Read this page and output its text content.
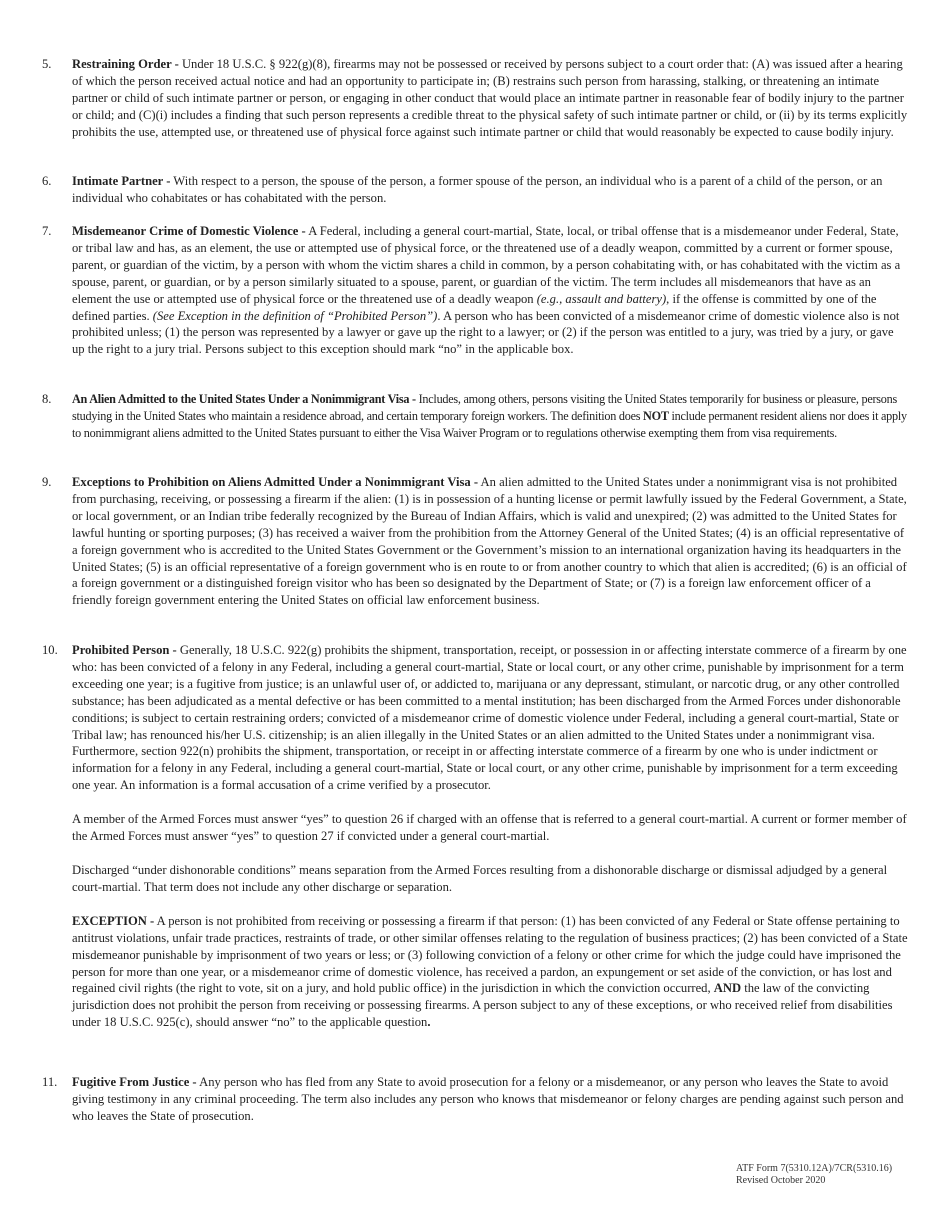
5. Restraining Order - Under 18 U.S.C. § 922(g)(8), firearms may not be possessed or received by persons subject to a court order that: (A) was issued after a hearing of which the person received actual notice and had an opportunity to participate in; (B) restrains such person from harassing, stalking, or threatening an intimate partner or child of such intimate partner or person, or engaging in other conduct that would place an intimate partner in reasonable fear of bodily injury to the partner or child; and (C)(i) includes a finding that such person represents a credible threat to the physical safety of such intimate partner or child, or (ii) by its terms explicitly prohibits the use, attempted use, or threatened use of physical force against such intimate partner or child that would reasonably be expected to cause bodily injury.

6. Intimate Partner - With respect to a person, the spouse of the person, a former spouse of the person, an individual who is a parent of a child of the person, or an individual who cohabitates or has cohabitated with the person.

7. Misdemeanor Crime of Domestic Violence - A Federal, including a general court-martial, State, local, or tribal offense that is a misdemeanor under Federal, State, or tribal law and has, as an element, the use or attempted use of physical force, or the threatened use of a deadly weapon, committed by a current or former spouse, parent, or guardian of the victim, by a person with whom the victim shares a child in common, by a person cohabitating with, or has cohabitated with the victim as a spouse, parent, or guardian, or by a person similarly situated to a spouse, parent, or guardian of the victim. The term includes all misdemeanors that have as an element the use or attempted use of physical force or the threatened use of a deadly weapon (e.g., assault and battery), if the offense is committed by one of the defined parties. (See Exception in the definition of “Prohibited Person”). A person who has been convicted of a misdemeanor crime of domestic violence also is not prohibited unless; (1) the person was represented by a lawyer or gave up the right to a lawyer; or (2) if the person was entitled to a jury, was tried by a jury, or gave up the right to a jury trial. Persons subject to this exception should mark “no” in the applicable box.

8. An Alien Admitted to the United States Under a Nonimmigrant Visa - Includes, among others, persons visiting the United States temporarily for business or pleasure, persons studying in the United States who maintain a residence abroad, and certain temporary foreign workers. The definition does NOT include permanent resident aliens nor does it apply to nonimmigrant aliens admitted to the United States pursuant to either the Visa Waiver Program or to regulations otherwise exempting them from visa requirements.

9. Exceptions to Prohibition on Aliens Admitted Under a Nonimmigrant Visa - An alien admitted to the United States under a nonimmigrant visa is not prohibited from purchasing, receiving, or possessing a firearm if the alien: (1) is in possession of a hunting license or permit lawfully issued by the Federal Government, a State, or local government, or an Indian tribe federally recognized by the Bureau of Indian Affairs, which is valid and unexpired; (2) was admitted to the United States for lawful hunting or sporting purposes; (3) has received a waiver from the prohibition from the Attorney General of the United States; (4) is an official representative of a foreign government who is accredited to the United States Government or the Government’s mission to an international organization having its headquarters in the United States; (5) is an official representative of a foreign government who is en route to or from another country to which that alien is accredited; (6) is an official of a foreign government or a distinguished foreign visitor who has been so designated by the Department of State; or (7) is a foreign law enforcement officer of a friendly foreign government entering the United States on official law enforcement business.

10. Prohibited Person - Generally, 18 U.S.C. 922(g) prohibits the shipment, transportation, receipt, or possession in or affecting interstate commerce of a firearm by one who: has been convicted of a felony in any Federal, including a general court-martial, State or local court, or any other crime, punishable by imprisonment for a term exceeding one year; is a fugitive from justice; is an unlawful user of, or addicted to, marijuana or any depressant, stimulant, or narcotic drug, or any other controlled substance; has been adjudicated as a mental defective or has been committed to a mental institution; has been discharged from the Armed Forces under dishonorable conditions; is subject to certain restraining orders; convicted of a misdemeanor crime of domestic violence under Federal, including a general court-martial, State or Tribal law; has renounced his/her U.S. citizenship; is an alien illegally in the United States or an alien admitted to the United States under a nonimmigrant visa. Furthermore, section 922(n) prohibits the shipment, transportation, or receipt in or affecting interstate commerce of a firearm by one who is under indictment or information for a felony in any Federal, including a general court-martial, State or local court, or any other crime, punishable by imprisonment for a term exceeding one year. An information is a formal accusation of a crime verified by a prosecutor.

A member of the Armed Forces must answer “yes” to question 26 if charged with an offense that is referred to a general court-martial. A current or former member of the Armed Forces must answer “yes” to question 27 if convicted under a general court-martial.

Discharged “under dishonorable conditions” means separation from the Armed Forces resulting from a dishonorable discharge or dismissal adjudged by a general court-martial. That term does not include any other discharge or separation.

EXCEPTION - A person is not prohibited from receiving or possessing a firearm if that person: (1) has been convicted of any Federal or State offense pertaining to antitrust violations, unfair trade practices, restraints of trade, or other similar offenses relating to the regulation of business practices; (2) has been convicted of a State misdemeanor punishable by imprisonment of two years or less; or (3) following conviction of a felony or other crime for which the judge could have imprisoned the person for more than one year, or a misdemeanor crime of domestic violence, has received a pardon, an expungement or set aside of the conviction, or has lost and regained civil rights (the right to vote, sit on a jury, and hold public office) in the jurisdiction in which the conviction occurred, AND the law of the convicting jurisdiction does not prohibit the person from receiving or possessing firearms. A person subject to any of these exceptions, or who received relief from disabilities under 18 U.S.C. 925(c), should answer “no” to the applicable question.

11. Fugitive From Justice - Any person who has fled from any State to avoid prosecution for a felony or a misdemeanor, or any person who leaves the State to avoid giving testimony in any criminal proceeding. The term also includes any person who knows that misdemeanor or felony charges are pending against such person and who leaves the State of prosecution.

ATF Form 7(5310.12A)/7CR(5310.16)
Revised October 2020
